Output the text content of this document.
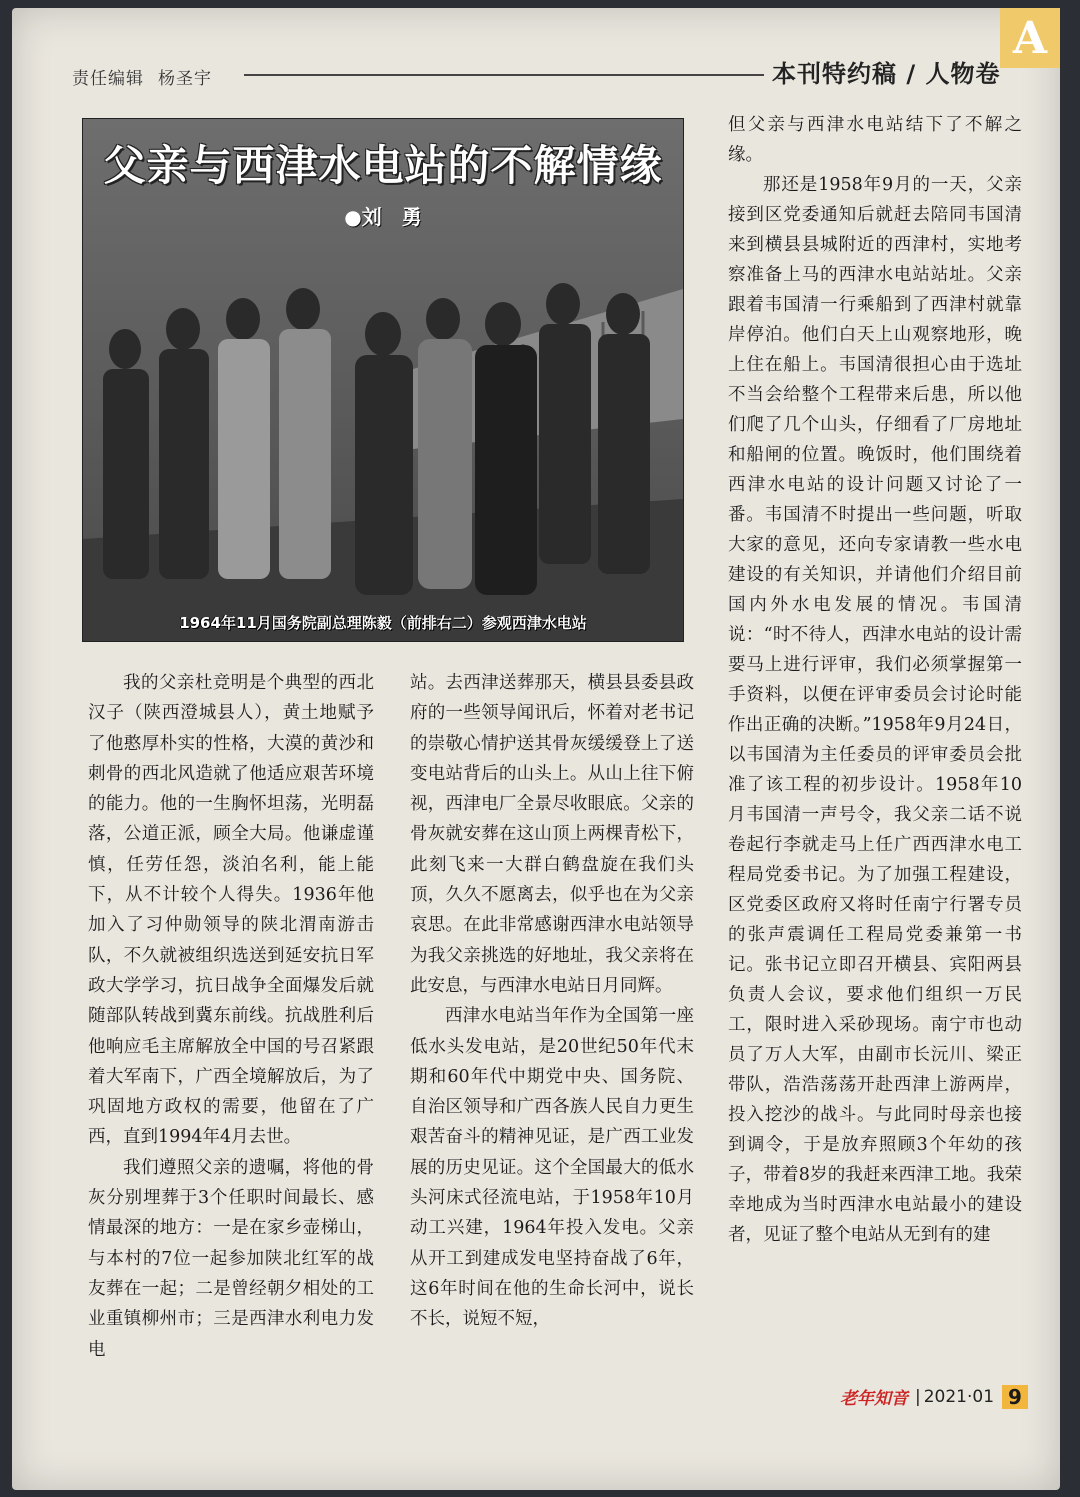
责任编辑 杨圣宇	本刊特约稿 / 人物卷
A
父亲与西津水电站的不解情缘
●刘　勇
1964年11月国务院副总理陈毅（前排右二）参观西津水电站

我的父亲杜竞明是个典型的西北汉子（陕西澄城县人），黄土地赋予了他憨厚朴实的性格，大漠的黄沙和刺骨的西北风造就了他适应艰苦环境的能力。他的一生胸怀坦荡，光明磊落，公道正派，顾全大局。他谦虚谨慎，任劳任怨，淡泊名利，能上能下，从不计较个人得失。1936年他加入了习仲勋领导的陕北渭南游击队，不久就被组织选送到延安抗日军政大学学习，抗日战争全面爆发后就随部队转战到冀东前线。抗战胜利后他响应毛主席解放全中国的号召紧跟着大军南下，广西全境解放后，为了巩固地方政权的需要，他留在了广西，直到1994年4月去世。

我们遵照父亲的遗嘱，将他的骨灰分别埋葬于3个任职时间最长、感情最深的地方：一是在家乡壶梯山，与本村的7位一起参加陕北红军的战友葬在一起；二是曾经朝夕相处的工业重镇柳州市；三是西津水利电力发电

站。去西津送葬那天，横县县委县政府的一些领导闻讯后，怀着对老书记的崇敬心情护送其骨灰缓缓登上了送变电站背后的山头上。从山上往下俯视，西津电厂全景尽收眼底。父亲的骨灰就安葬在这山顶上两棵青松下，此刻飞来一大群白鹤盘旋在我们头顶，久久不愿离去，似乎也在为父亲哀思。在此非常感谢西津水电站领导为我父亲挑选的好地址，我父亲将在此安息，与西津水电站日月同辉。

西津水电站当年作为全国第一座低水头发电站，是20世纪50年代末期和60年代中期党中央、国务院、自治区领导和广西各族人民自力更生艰苦奋斗的精神见证，是广西工业发展的历史见证。这个全国最大的低水头河床式径流电站，于1958年10月动工兴建，1964年投入发电。父亲从开工到建成发电坚持奋战了6年，这6年时间在他的生命长河中，说长不长，说短不短，

但父亲与西津水电站结下了不解之缘。

那还是1958年9月的一天，父亲接到区党委通知后就赶去陪同韦国清来到横县县城附近的西津村，实地考察准备上马的西津水电站站址。父亲跟着韦国清一行乘船到了西津村就靠岸停泊。他们白天上山观察地形，晚上住在船上。韦国清很担心由于选址不当会给整个工程带来后患，所以他们爬了几个山头，仔细看了厂房地址和船闸的位置。晚饭时，他们围绕着西津水电站的设计问题又讨论了一番。韦国清不时提出一些问题，听取大家的意见，还向专家请教一些水电建设的有关知识，并请他们介绍目前国内外水电发展的情况。韦国清说：“时不待人，西津水电站的设计需要马上进行评审，我们必须掌握第一手资料，以便在评审委员会讨论时能作出正确的决断。”1958年9月24日，以韦国清为主任委员的评审委员会批准了该工程的初步设计。1958年10月韦国清一声号令，我父亲二话不说卷起行李就走马上任广西西津水电工程局党委书记。为了加强工程建设，区党委区政府又将时任南宁行署专员的张声震调任工程局党委兼第一书记。张书记立即召开横县、宾阳两县负责人会议，要求他们组织一万民工，限时进入采砂现场。南宁市也动员了万人大军，由副市长沅川、梁正带队，浩浩荡荡开赴西津上游两岸，投入挖沙的战斗。与此同时母亲也接到调令，于是放弃照顾3个年幼的孩子，带着8岁的我赶来西津工地。我荣幸地成为当时西津水电站最小的建设者，见证了整个电站从无到有的建

老年知音 | 2021·01 9
